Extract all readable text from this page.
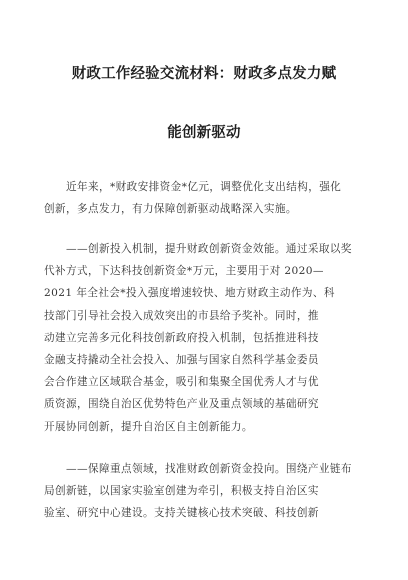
财政工作经验交流材料：财政多点发力赋
能创新驱动
近年来，*财政安排资金*亿元，调整优化支出结构，强化
创新，多点发力，有力保障创新驱动战略深入实施。
——创新投入机制，提升财政创新资金效能。通过采取以奖
代补方式，下达科技创新资金*万元，主要用于对 2020—
2021 年全社会*投入强度增速较快、地方财政主动作为、科
技部门引导社会投入成效突出的市县给予奖补。同时，推
动建立完善多元化科技创新政府投入机制，包括推进科技
金融支持撬动全社会投入、加强与国家自然科学基金委员
会合作建立区域联合基金，吸引和集聚全国优秀人才与优
质资源，围绕自治区优势特色产业及重点领域的基础研究
开展协同创新，提升自治区自主创新能力。
——保障重点领域，找准财政创新资金投向。围绕产业链布
局创新链，以国家实验室创建为牵引，积极支持自治区实
验室、研究中心建设。支持关键核心技术突破、科技创新
